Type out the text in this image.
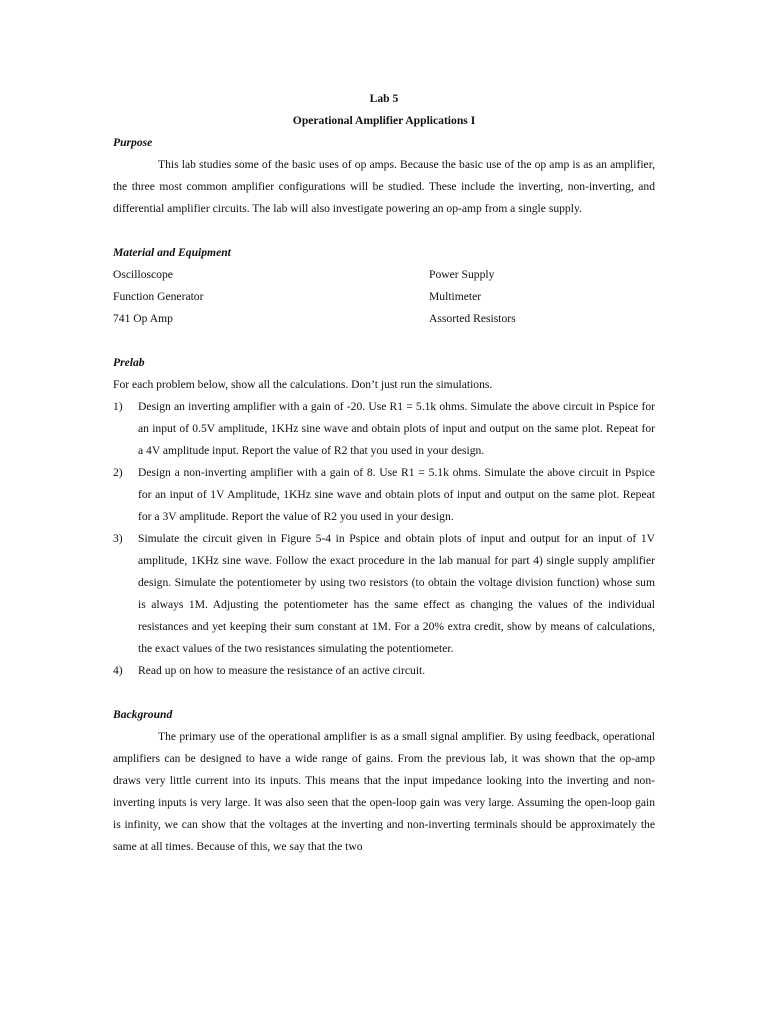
Lab 5

Operational Amplifier Applications I

Purpose

This lab studies some of the basic uses of op amps. Because the basic use of the op amp is as an amplifier, the three most common amplifier configurations will be studied. These include the inverting, non-inverting, and differential amplifier circuits. The lab will also investigate powering an op-amp from a single supply.

Material and Equipment

Oscilloscope	Power Supply
Function Generator	Multimeter
741 Op Amp	Assorted Resistors

Prelab

For each problem below, show all the calculations. Don’t just run the simulations.

1)	Design an inverting amplifier with a gain of -20. Use R1 = 5.1k ohms. Simulate the above circuit in Pspice for an input of 0.5V amplitude, 1KHz sine wave and obtain plots of input and output on the same plot. Repeat for a 4V amplitude input. Report the value of R2 that you used in your design.
2)	Design a non-inverting amplifier with a gain of 8. Use R1 = 5.1k ohms. Simulate the above circuit in Pspice for an input of 1V Amplitude, 1KHz sine wave and obtain plots of input and output on the same plot. Repeat for a 3V amplitude. Report the value of R2 you used in your design.
3)	Simulate the circuit given in Figure 5-4 in Pspice and obtain plots of input and output for an input of 1V amplitude, 1KHz sine wave. Follow the exact procedure in the lab manual for part 4) single supply amplifier design. Simulate the potentiometer by using two resistors (to obtain the voltage division function) whose sum is always 1M. Adjusting the potentiometer has the same effect as changing the values of the individual resistances and yet keeping their sum constant at 1M. For a 20% extra credit, show by means of calculations, the exact values of the two resistances simulating the potentiometer.
4)	Read up on how to measure the resistance of an active circuit.

Background

The primary use of the operational amplifier is as a small signal amplifier. By using feedback, operational amplifiers can be designed to have a wide range of gains. From the previous lab, it was shown that the op-amp draws very little current into its inputs. This means that the input impedance looking into the inverting and non-inverting inputs is very large. It was also seen that the open-loop gain was very large. Assuming the open-loop gain is infinity, we can show that the voltages at the inverting and non-inverting terminals should be approximately the same at all times. Because of this, we say that the two
